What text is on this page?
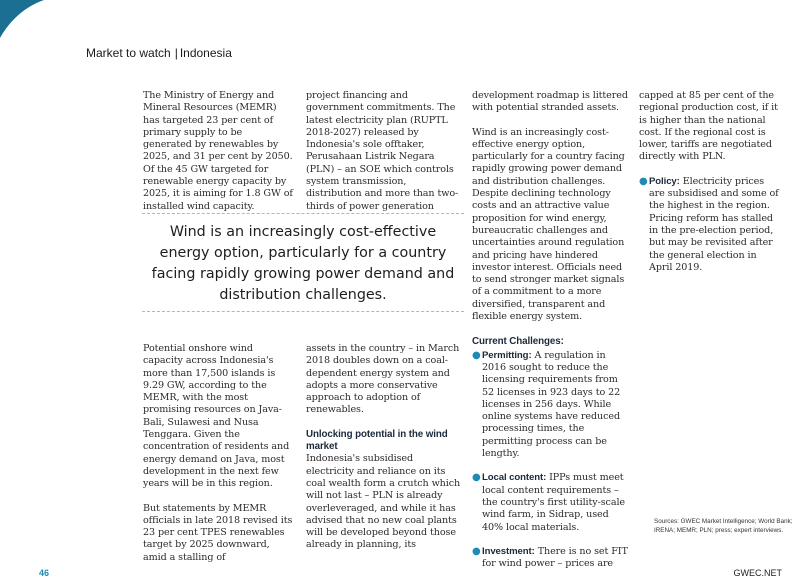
Market to watch | Indonesia

The Ministry of Energy and Mineral Resources (MEMR) has targeted 23 per cent of primary supply to be generated by renewables by 2025, and 31 per cent by 2050. Of the 45 GW targeted for renewable energy capacity by 2025, it is aiming for 1.8 GW of installed wind capacity.

project financing and government commitments. The latest electricity plan (RUPTL 2018-2027) released by Indonesia's sole offtaker, Perusahaan Listrik Negara (PLN) – an SOE which controls system transmission, distribution and more than two-thirds of power generation

Wind is an increasingly cost-effective energy option, particularly for a country facing rapidly growing power demand and distribution challenges.

Potential onshore wind capacity across Indonesia's more than 17,500 islands is 9.29 GW, according to the MEMR, with the most promising resources on Java-Bali, Sulawesi and Nusa Tenggara. Given the concentration of residents and energy demand on Java, most development in the next few years will be in this region.

But statements by MEMR officials in late 2018 revised its 23 per cent TPES renewables target by 2025 downward, amid a stalling of

assets in the country – in March 2018 doubles down on a coal-dependent energy system and adopts a more conservative approach to adoption of renewables.

Unlocking potential in the wind market

Indonesia's subsidised electricity and reliance on its coal wealth form a crutch which will not last – PLN is already overleveraged, and while it has advised that no new coal plants will be developed beyond those already in planning, its

development roadmap is littered with potential stranded assets.

Wind is an increasingly cost-effective energy option, particularly for a country facing rapidly growing power demand and distribution challenges. Despite declining technology costs and an attractive value proposition for wind energy, bureaucratic challenges and uncertainties around regulation and pricing have hindered investor interest. Officials need to send stronger market signals of a commitment to a more diversified, transparent and flexible energy system.

Current Challenges:

● Permitting: A regulation in 2016 sought to reduce the licensing requirements from 52 licenses in 923 days to 22 licenses in 256 days. While online systems have reduced processing times, the permitting process can be lengthy.
● Local content: IPPs must meet local content requirements – the country's first utility-scale wind farm, in Sidrap, used 40% local materials.
● Investment: There is no set FIT for wind power – prices are

capped at 85 per cent of the regional production cost, if it is higher than the national cost. If the regional cost is lower, tariffs are negotiated directly with PLN.

● Policy: Electricity prices are subsidised and some of the highest in the region. Pricing reform has stalled in the pre-election period, but may be revisited after the general election in April 2019.
Sources: GWEC Market Intelligence; World Bank; IRENA; MEMR; PLN; press; expert interviews.
46	GWEC.NET
